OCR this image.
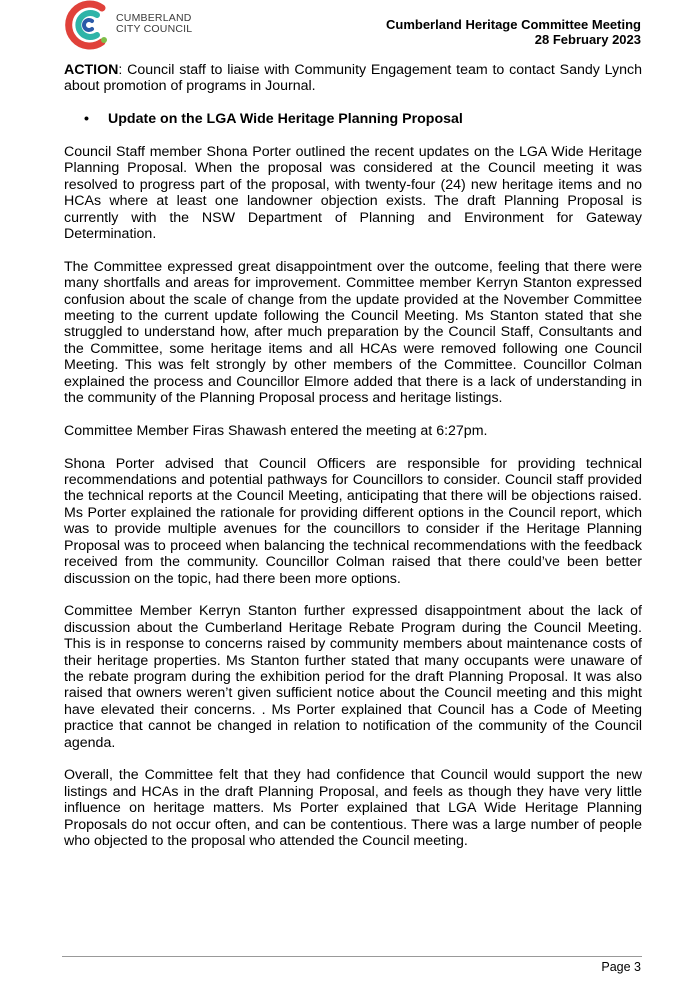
CUMBERLAND
CITY COUNCIL	Cumberland Heritage Committee Meeting
28 February 2023

ACTION: Council staff to liaise with Community Engagement team to contact Sandy Lynch about promotion of programs in Journal.

•	Update on the LGA Wide Heritage Planning Proposal

Council Staff member Shona Porter outlined the recent updates on the LGA Wide Heritage Planning Proposal. When the proposal was considered at the Council meeting it was resolved to progress part of the proposal, with twenty-four (24) new heritage items and no HCAs where at least one landowner objection exists. The draft Planning Proposal is currently with the NSW Department of Planning and Environment for Gateway Determination.

The Committee expressed great disappointment over the outcome, feeling that there were many shortfalls and areas for improvement. Committee member Kerryn Stanton expressed confusion about the scale of change from the update provided at the November Committee meeting to the current update following the Council Meeting. Ms Stanton stated that she struggled to understand how, after much preparation by the Council Staff, Consultants and the Committee, some heritage items and all HCAs were removed following one Council Meeting. This was felt strongly by other members of the Committee. Councillor Colman explained the process and Councillor Elmore added that there is a lack of understanding in the community of the Planning Proposal process and heritage listings.

Committee Member Firas Shawash entered the meeting at 6:27pm.

Shona Porter advised that Council Officers are responsible for providing technical recommendations and potential pathways for Councillors to consider. Council staff provided the technical reports at the Council Meeting, anticipating that there will be objections raised. Ms Porter explained the rationale for providing different options in the Council report, which was to provide multiple avenues for the councillors to consider if the Heritage Planning Proposal was to proceed when balancing the technical recommendations with the feedback received from the community. Councillor Colman raised that there could’ve been better discussion on the topic, had there been more options.

Committee Member Kerryn Stanton further expressed disappointment about the lack of discussion about the Cumberland Heritage Rebate Program during the Council Meeting. This is in response to concerns raised by community members about maintenance costs of their heritage properties. Ms Stanton further stated that many occupants were unaware of the rebate program during the exhibition period for the draft Planning Proposal. It was also raised that owners weren’t given sufficient notice about the Council meeting and this might have elevated their concerns. . Ms Porter explained that Council has a Code of Meeting practice that cannot be changed in relation to notification of the community of the Council agenda.

Overall, the Committee felt that they had confidence that Council would support the new listings and HCAs in the draft Planning Proposal, and feels as though they have very little influence on heritage matters. Ms Porter explained that LGA Wide Heritage Planning Proposals do not occur often, and can be contentious. There was a large number of people who objected to the proposal who attended the Council meeting.

Page 3
